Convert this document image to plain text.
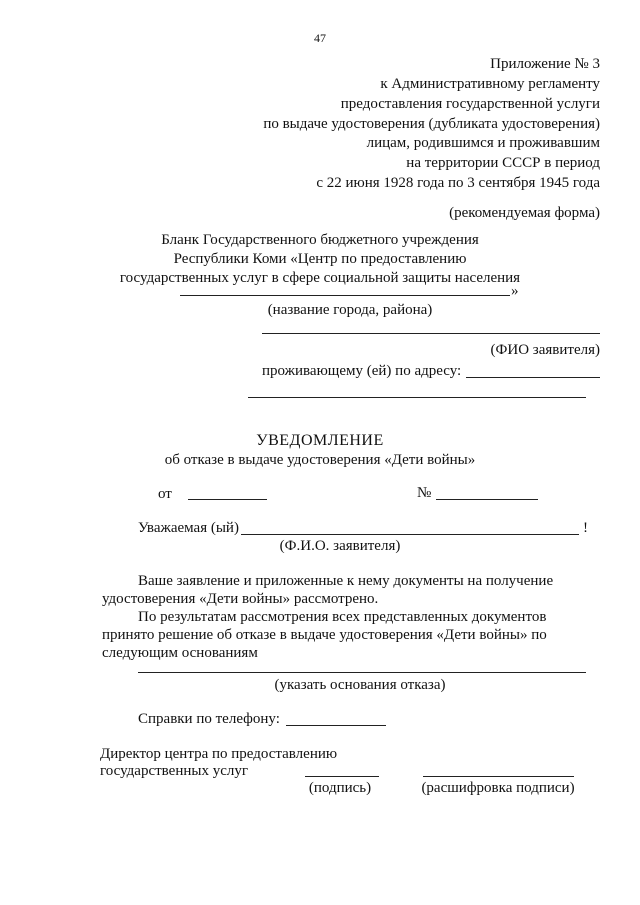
47
Приложение № 3
к Административному регламенту
предоставления государственной услуги
по выдаче удостоверения (дубликата удостоверения)
лицам, родившимся и проживавшим
на территории СССР в период
с 22 июня 1928 года по 3 сентября 1945 года
(рекомендуемая форма)
Бланк Государственного бюджетного учреждения
Республики Коми «Центр по предоставлению
государственных услуг в сфере социальной защиты населения
»
(название города, района)
(ФИО заявителя)
проживающему (ей) по адресу:
УВЕДОМЛЕНИЕ
об отказе в выдаче удостоверения «Дети войны»
от	№
Уважаемая (ый)	!
(Ф.И.О. заявителя)
Ваше заявление и приложенные к нему документы на получение
удостоверения «Дети войны» рассмотрено.
По результатам рассмотрения всех представленных документов
принято решение об отказе в выдаче удостоверения «Дети войны» по
следующим основаниям
(указать основания отказа)
Справки по телефону:
Директор центра по предоставлению
государственных услуг
(подпись)	(расшифровка подписи)
